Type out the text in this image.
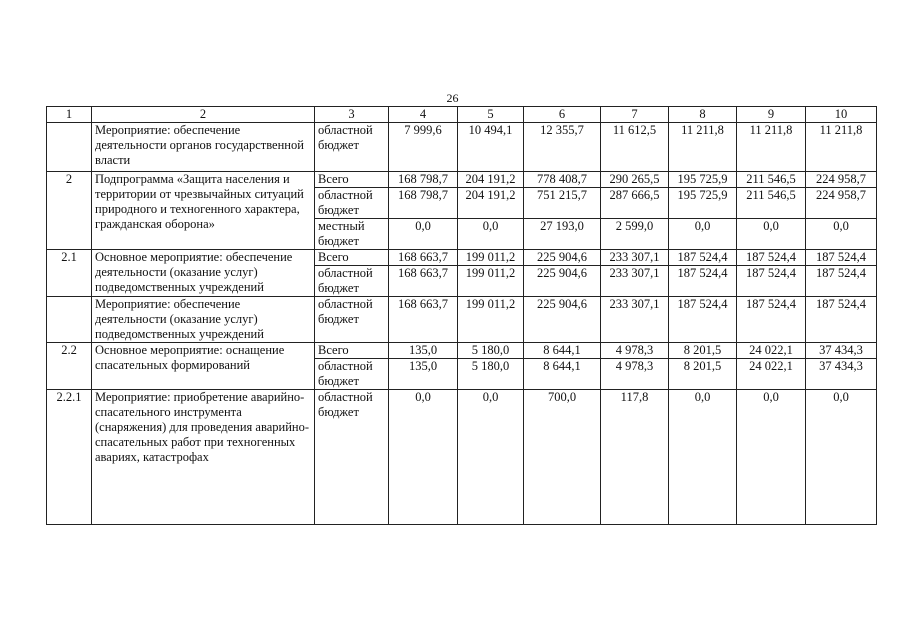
26
1	2	3	4	5	6	7	8	9	10
	Мероприятие: обеспечение деятельности органов государственной власти	областной бюджет	7 999,6	10 494,1	12 355,7	11 612,5	11 211,8	11 211,8	11 211,8
2	Подпрограмма «Защита населения и территории от чрезвычайных ситуаций природного и техногенного характера, гражданская оборона»	Всего	168 798,7	204 191,2	778 408,7	290 265,5	195 725,9	211 546,5	224 958,7
		областной бюджет	168 798,7	204 191,2	751 215,7	287 666,5	195 725,9	211 546,5	224 958,7
		местный бюджет	0,0	0,0	27 193,0	2 599,0	0,0	0,0	0,0
2.1	Основное мероприятие: обеспечение деятельности (оказание услуг) подведомственных учреждений	Всего	168 663,7	199 011,2	225 904,6	233 307,1	187 524,4	187 524,4	187 524,4
		областной бюджет	168 663,7	199 011,2	225 904,6	233 307,1	187 524,4	187 524,4	187 524,4
	Мероприятие: обеспечение деятельности (оказание услуг) подведомственных учреждений	областной бюджет	168 663,7	199 011,2	225 904,6	233 307,1	187 524,4	187 524,4	187 524,4
2.2	Основное мероприятие: оснащение спасательных формирований	Всего	135,0	5 180,0	8 644,1	4 978,3	8 201,5	24 022,1	37 434,3
		областной бюджет	135,0	5 180,0	8 644,1	4 978,3	8 201,5	24 022,1	37 434,3
2.2.1	Мероприятие: приобретение аварийно-спасательного инструмента (снаряжения) для проведения аварийно-спасательных работ при техногенных авариях, катастрофах	областной бюджет	0,0	0,0	700,0	117,8	0,0	0,0	0,0
